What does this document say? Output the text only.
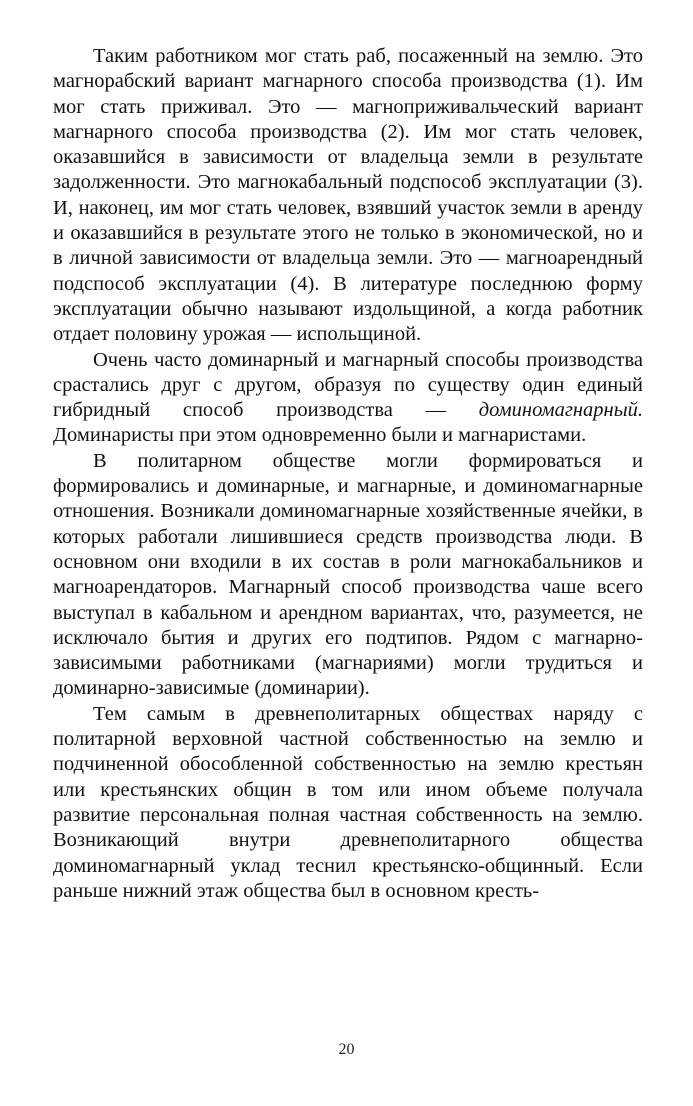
Таким работником мог стать раб, посаженный на землю. Это магнорабский вариант магнарного способа производства (1). Им мог стать приживал. Это — магноприживальческий вариант магнарного способа производства (2). Им мог стать человек, оказавшийся в зависимости от владельца земли в результате задолженности. Это магнокабальный подспособ эксплуатации (3). И, наконец, им мог стать человек, взявший участок земли в аренду и оказавшийся в результате этого не только в экономической, но и в личной зависимости от владельца земли. Это — магноарендный подспособ эксплуатации (4). В литературе последнюю форму эксплуатации обычно называют издольщиной, а когда работник отдает половину урожая — испольщиной.

Очень часто доминарный и магнарный способы производства срастались друг с другом, образуя по существу один единый гибридный способ производства — доминомагнарный. Доминаристы при этом одновременно были и магнаристами.

В политарном обществе могли формироваться и формировались и доминарные, и магнарные, и доминомагнарные отношения. Возникали доминомагнарные хозяйственные ячейки, в которых работали лишившиеся средств производства люди. В основном они входили в их состав в роли магнокабальников и магноарендаторов. Магнарный способ производства чаше всего выступал в кабальном и арендном вариантах, что, разумеется, не исключало бытия и других его подтипов. Рядом с магнарно-зависимыми работниками (магнариями) могли трудиться и доминарно-зависимые (доминарии).

Тем самым в древнеполитарных обществах наряду с политарной верховной частной собственностью на землю и подчиненной обособленной собственностью на землю крестьян или крестьянских общин в том или ином объеме получала развитие персональная полная частная собственность на землю. Возникающий внутри древнеполитарного общества доминомагнарный уклад теснил крестьянско-общинный. Если раньше нижний этаж общества был в основном кресть-

20
